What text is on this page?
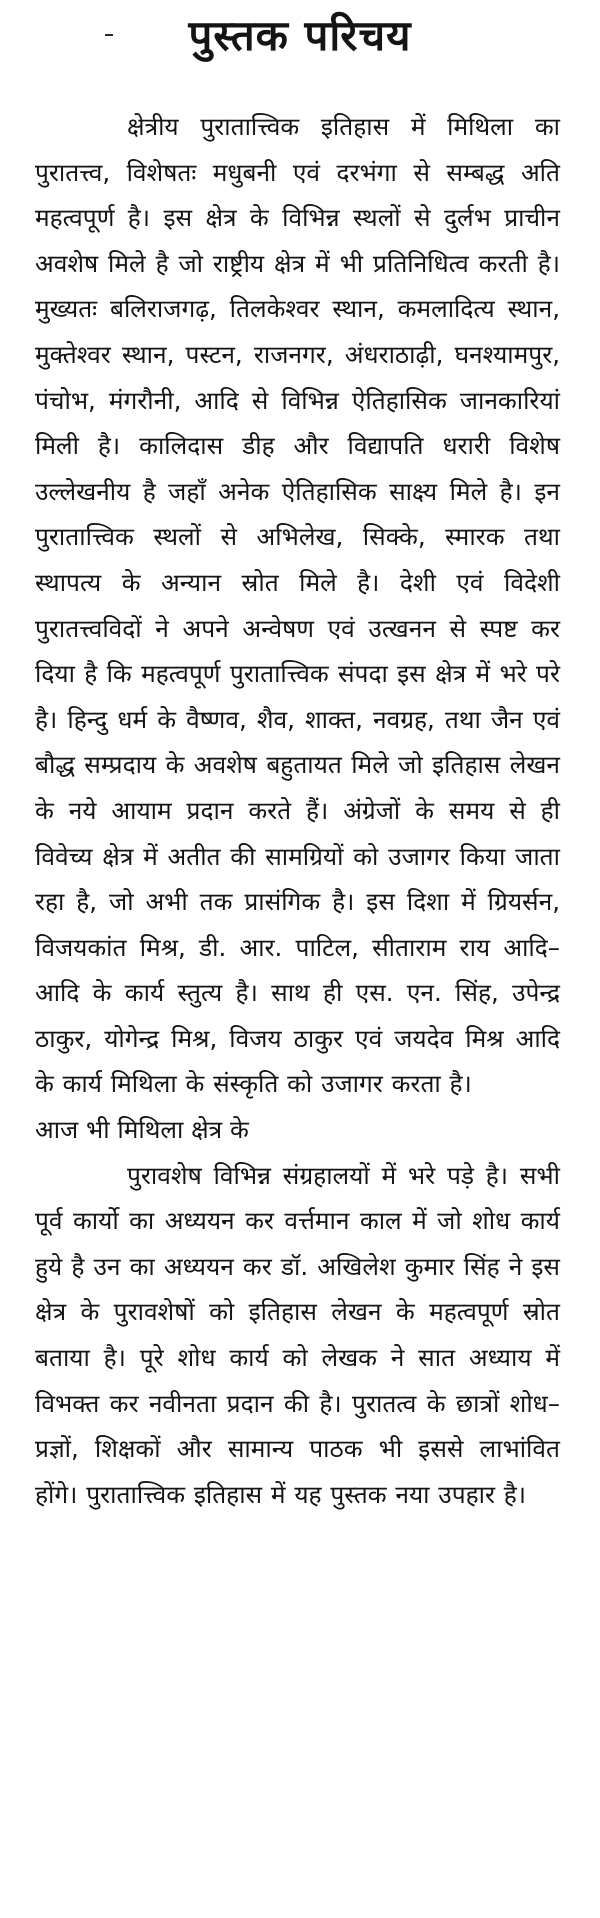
पुस्तक परिचय

क्षेत्रीय पुरातात्त्विक इतिहास में मिथिला का पुरातत्त्व, विशेषतः मधुबनी एवं दरभंगा से सम्बद्ध अति महत्वपूर्ण है। इस क्षेत्र के विभिन्न स्थलों से दुर्लभ प्राचीन अवशेष मिले है जो राष्ट्रीय क्षेत्र में भी प्रतिनिधित्व करती है। मुख्यतः बलिराजगढ़, तिलकेश्वर स्थान, कमलादित्य स्थान, मुक्तेश्वर स्थान, पस्टन, राजनगर, अंधराठाढ़ी, घनश्यामपुर, पंचोभ, मंगरौनी, आदि से विभिन्न ऐतिहासिक जानकारियां मिली है। कालिदास डीह और विद्यापति धरारी विशेष उल्लेखनीय है जहाँ अनेक ऐतिहासिक साक्ष्य मिले है। इन पुरातात्त्विक स्थलों से अभिलेख, सिक्के, स्मारक तथा स्थापत्य के अन्यान स्रोत मिले है। देशी एवं विदेशी पुरातत्त्वविदों ने अपने अन्वेषण एवं उत्खनन से स्पष्ट कर दिया है कि महत्वपूर्ण पुरातात्त्विक संपदा इस क्षेत्र में भरे परे है। हिन्दु धर्म के वैष्णव, शैव, शाक्त, नवग्रह, तथा जैन एवं बौद्ध सम्प्रदाय के अवशेष बहुतायत मिले जो इतिहास लेखन के नये आयाम प्रदान करते हैं। अंग्रेजों के समय से ही विवेच्य क्षेत्र में अतीत की सामग्रियों को उजागर किया जाता रहा है, जो अभी तक प्रासंगिक है। इस दिशा में ग्रियर्सन, विजयकांत मिश्र, डी. आर. पाटिल, सीताराम राय आदि–आदि के कार्य स्तुत्य है। साथ ही एस. एन. सिंह, उपेन्द्र ठाकुर, योगेन्द्र मिश्र, विजय ठाकुर एवं जयदेव मिश्र आदि के कार्य मिथिला के संस्कृति को उजागर करता है।

आज भी मिथिला क्षेत्र के

पुरावशेष विभिन्न संग्रहालयों में भरे पड़े है। सभी पूर्व कार्यो का अध्ययन कर वर्त्तमान काल में जो शोध कार्य हुये है उन का अध्ययन कर डॉ. अखिलेश कुमार सिंह ने इस क्षेत्र के पुरावशेषों को इतिहास लेखन के महत्वपूर्ण स्रोत बताया है। पूरे शोध कार्य को लेखक ने सात अध्याय में विभक्त कर नवीनता प्रदान की है। पुरातत्व के छात्रों शोध–प्रज्ञों, शिक्षकों और सामान्य पाठक भी इससे लाभांवित होंगे। पुरातात्त्विक इतिहास में यह पुस्तक नया उपहार है।
